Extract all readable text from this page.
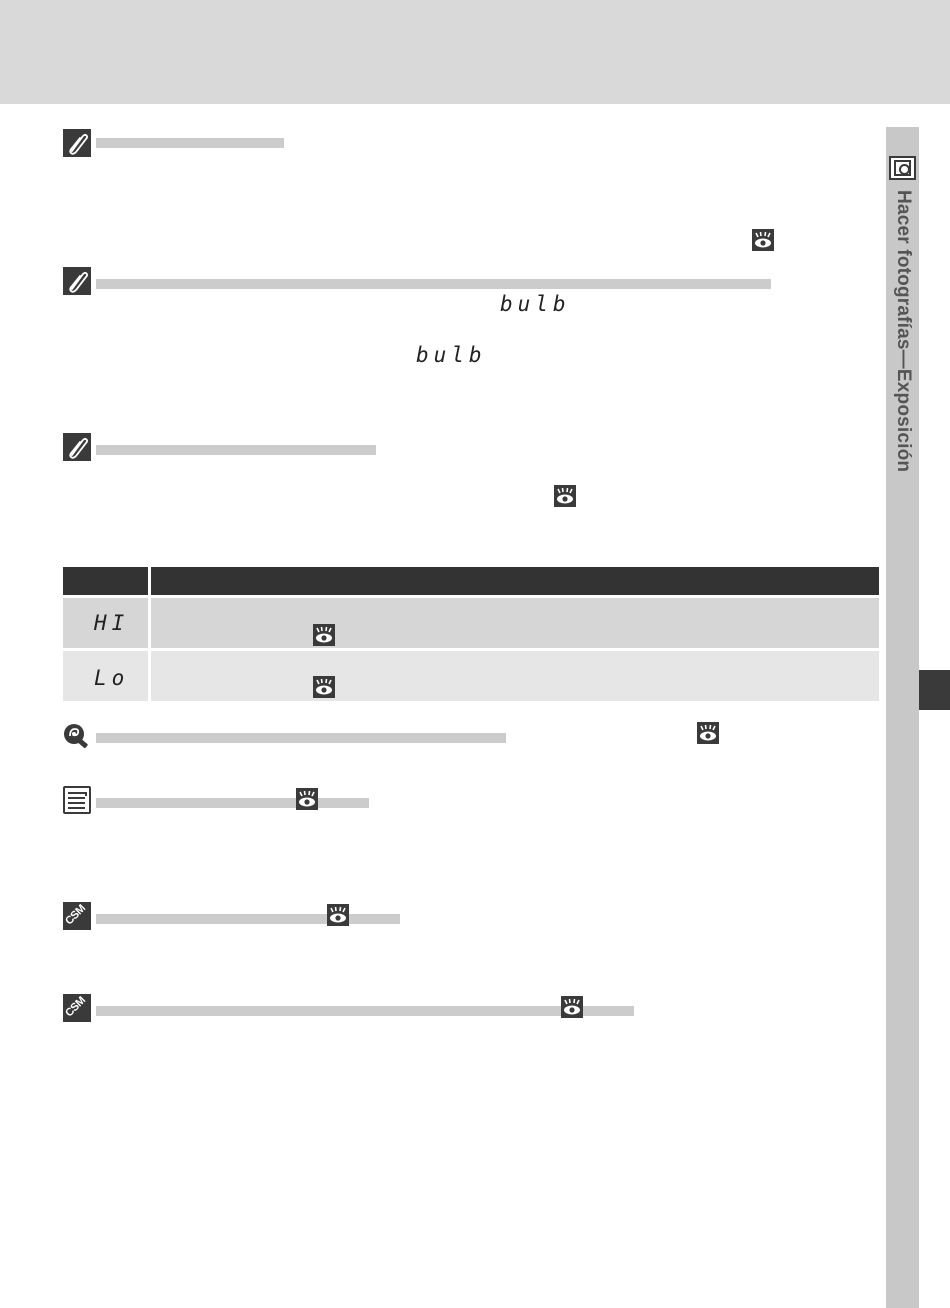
Hacer fotografías—Exposición
bulb
bulb
HI
Lo
CSM
CSM
